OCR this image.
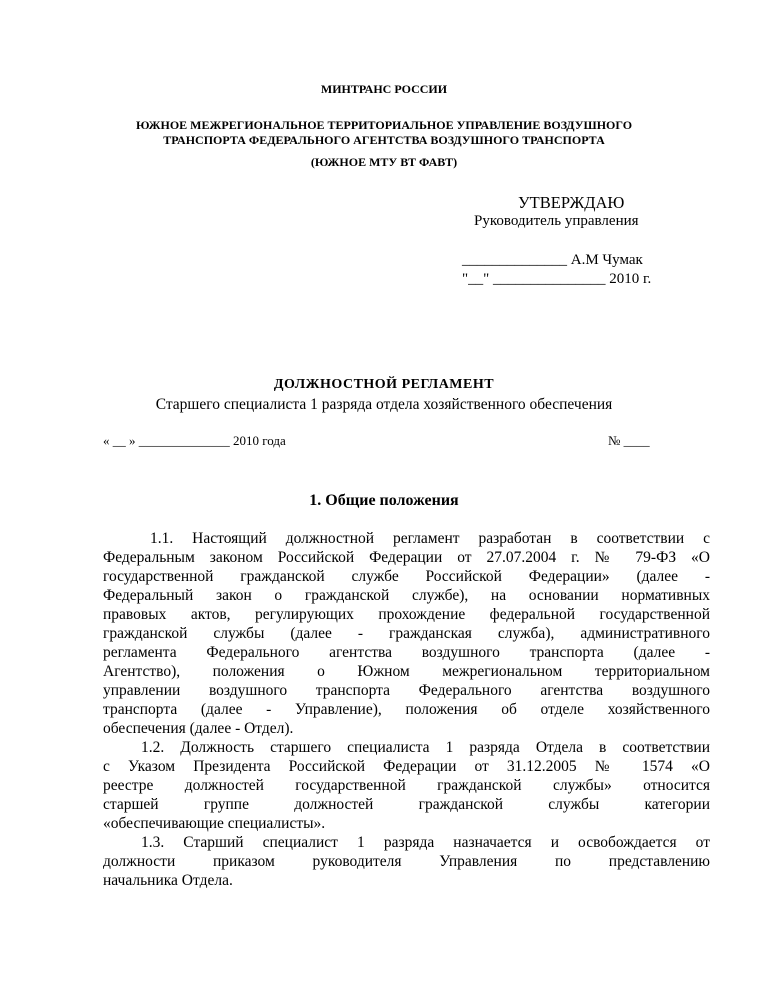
МИНТРАНС РОССИИ
ЮЖНОЕ МЕЖРЕГИОНАЛЬНОЕ ТЕРРИТОРИАЛЬНОЕ УПРАВЛЕНИЕ ВОЗДУШНОГО
ТРАНСПОРТА ФЕДЕРАЛЬНОГО АГЕНТСТВА ВОЗДУШНОГО ТРАНСПОРТА
(ЮЖНОЕ МТУ ВТ ФАВТ)
УТВЕРЖДАЮ
Руководитель управления
______________ А.М Чумак
"__" _______________ 2010 г.
ДОЛЖНОСТНОЙ РЕГЛАМЕНТ
Старшего специалиста 1 разряда отдела хозяйственного обеспечения
« __ » ______________ 2010 года	№ ____
1. Общие положения
1.1. Настоящий должностной регламент разработан в соответствии с
Федеральным законом Российской Федерации от 27.07.2004 г. № 79-ФЗ «О
государственной гражданской службе Российской Федерации» (далее -
Федеральный закон о гражданской службе), на основании нормативных
правовых актов, регулирующих прохождение федеральной государственной
гражданской службы (далее - гражданская служба), административного
регламента Федерального агентства воздушного транспорта (далее -
Агентство), положения о Южном межрегиональном территориальном
управлении воздушного транспорта Федерального агентства воздушного
транспорта (далее - Управление), положения об отделе хозяйственного
обеспечения (далее - Отдел).
1.2. Должность старшего специалиста 1 разряда Отдела в соответствии
с Указом Президента Российской Федерации от 31.12.2005 № 1574 «О
реестре должностей государственной гражданской службы» относится
старшей группе должностей гражданской службы категории
«обеспечивающие специалисты».
1.3. Старший специалист 1 разряда назначается и освобождается от
должности приказом руководителя Управления по представлению
начальника Отдела.
